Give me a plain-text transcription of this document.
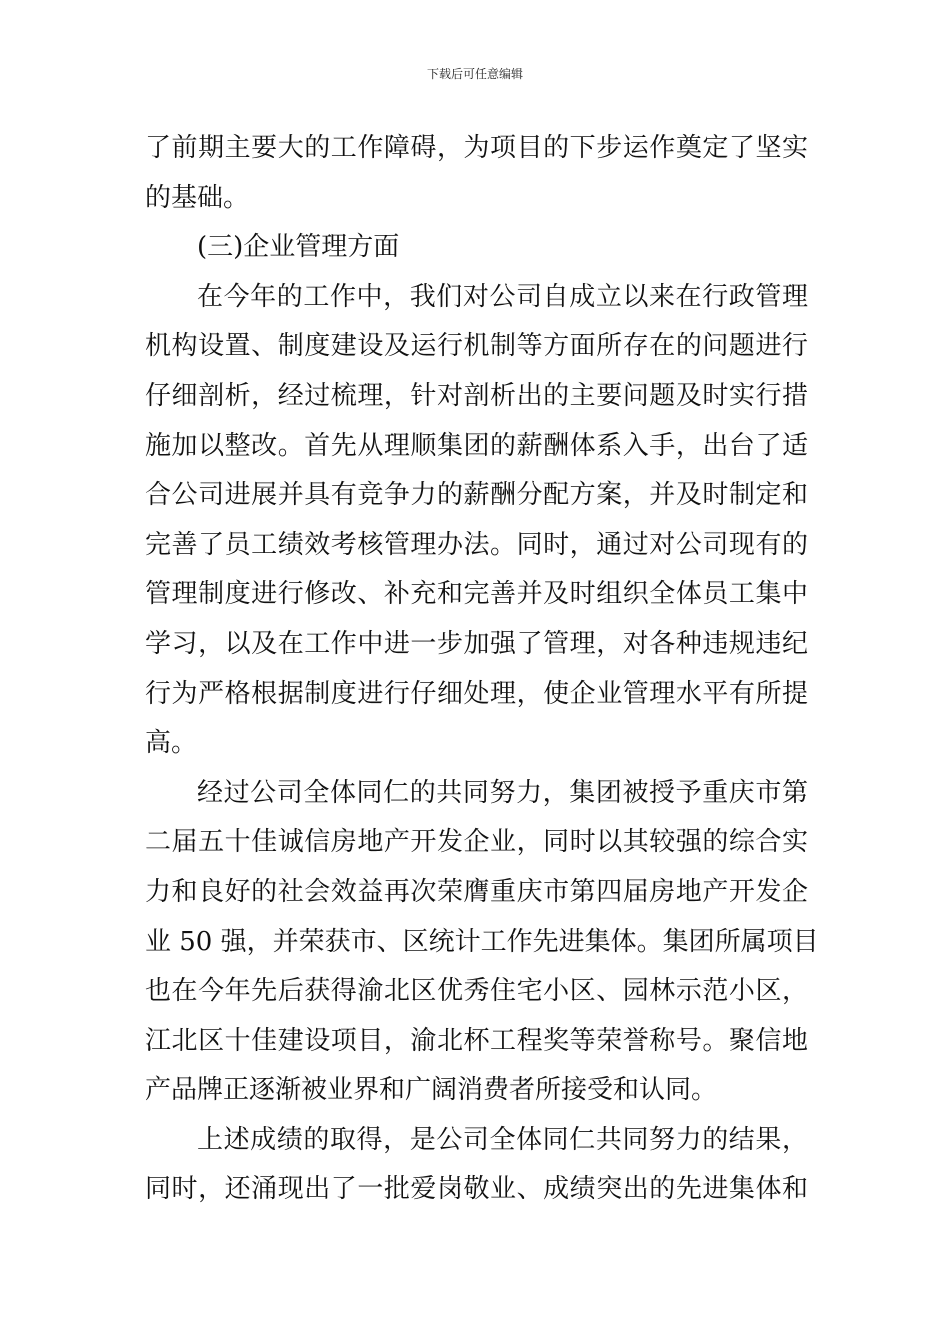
下载后可任意编辑
了前期主要大的工作障碍，为项目的下步运作奠定了坚实
的基础。
(三)企业管理方面
在今年的工作中，我们对公司自成立以来在行政管理
机构设置、制度建设及运行机制等方面所存在的问题进行
仔细剖析，经过梳理，针对剖析出的主要问题及时实行措
施加以整改。首先从理顺集团的薪酬体系入手，出台了适
合公司进展并具有竞争力的薪酬分配方案，并及时制定和
完善了员工绩效考核管理办法。同时，通过对公司现有的
管理制度进行修改、补充和完善并及时组织全体员工集中
学习，以及在工作中进一步加强了管理，对各种违规违纪
行为严格根据制度进行仔细处理，使企业管理水平有所提
高。
经过公司全体同仁的共同努力，集团被授予重庆市第
二届五十佳诚信房地产开发企业，同时以其较强的综合实
力和良好的社会效益再次荣膺重庆市第四届房地产开发企
业 50 强，并荣获市、区统计工作先进集体。集团所属项目
也在今年先后获得渝北区优秀住宅小区、园林示范小区，
江北区十佳建设项目，渝北杯工程奖等荣誉称号。聚信地
产品牌正逐渐被业界和广阔消费者所接受和认同。
上述成绩的取得，是公司全体同仁共同努力的结果，
同时，还涌现出了一批爱岗敬业、成绩突出的先进集体和
